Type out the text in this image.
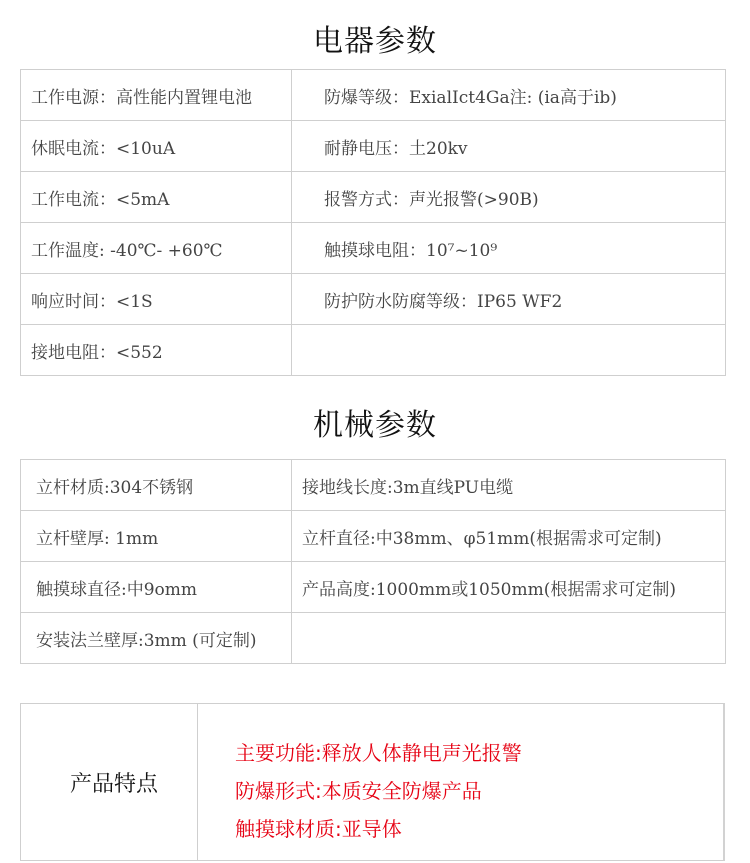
电器参数
工作电源：高性能内置锂电池	防爆等级：ExialIct4Ga注: (ia高于ib)

休眠电流：<10uA	耐静电压：土20kv

工作电流：<5mA	报警方式：声光报警(>90B)

工作温度: -40℃- +60℃	触摸球电阻：10⁷~10⁹

响应时间：<1S	防护防水防腐等级：IP65 WF2

接地电阻：<552	

机械参数
立杆材质:304不锈钢	接地线长度:3m直线PU电缆

立杆壁厚: 1mm	立杆直径:中38mm、φ51mm(根据需求可定制)

触摸球直径:中9omm	产品高度:1000mm或1050mm(根据需求可定制)

安装法兰壁厚:3mm (可定制)	

产品特点
主要功能:释放人体静电声光报警
防爆形式:本质安全防爆产品
触摸球材质:亚导体
